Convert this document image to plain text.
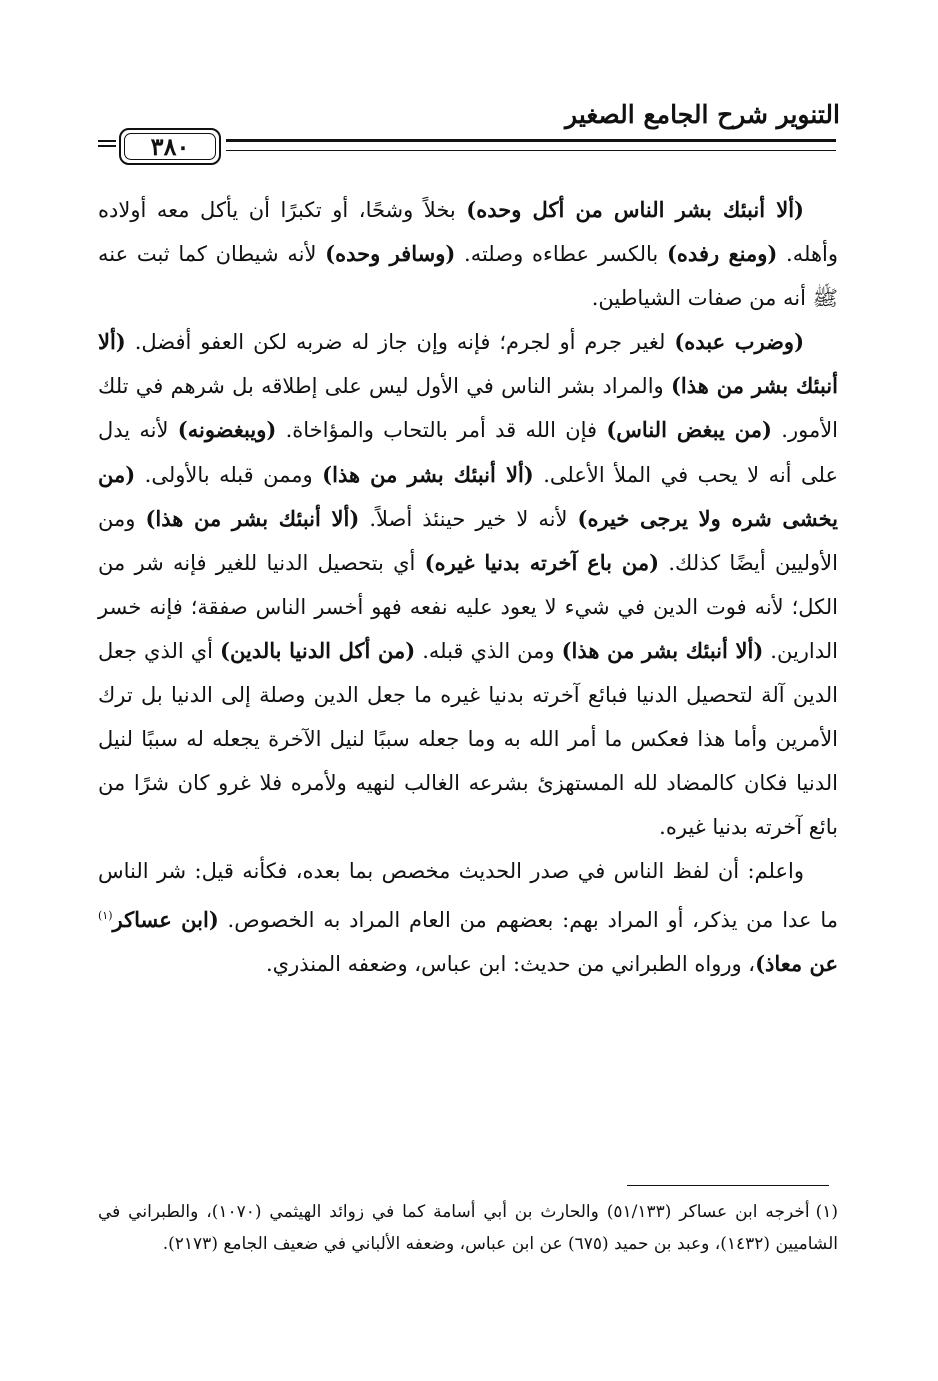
التنوير شرح الجامع الصغير
٣٨٠

(ألا أنبئك بشر الناس من أكل وحده) بخلاً وشحًا، أو تكبرًا أن يأكل معه أولاده وأهله. (ومنع رفده) بالكسر عطاءه وصلته. (وسافر وحده) لأنه شيطان كما ثبت عنه ﷺ أنه من صفات الشياطين.

(وضرب عبده) لغير جرم أو لجرم؛ فإنه وإن جاز له ضربه لكن العفو أفضل. (ألا أنبئك بشر من هذا) والمراد بشر الناس في الأول ليس على إطلاقه بل شرهم في تلك الأمور. (من يبغض الناس) فإن الله قد أمر بالتحاب والمؤاخاة. (ويبغضونه) لأنه يدل على أنه لا يحب في الملأ الأعلى. (ألا أنبئك بشر من هذا) وممن قبله بالأولى. (من يخشى شره ولا يرجى خيره) لأنه لا خير حينئذ أصلاً. (ألا أنبئك بشر من هذا) ومن الأوليين أيضًا كذلك. (من باع آخرته بدنيا غيره) أي بتحصيل الدنيا للغير فإنه شر من الكل؛ لأنه فوت الدين في شيء لا يعود عليه نفعه فهو أخسر الناس صفقة؛ فإنه خسر الدارين. (ألا أنبئك بشر من هذا) ومن الذي قبله. (من أكل الدنيا بالدين) أي الذي جعل الدين آلة لتحصيل الدنيا فبائع آخرته بدنيا غيره ما جعل الدين وصلة إلى الدنيا بل ترك الأمرين وأما هذا فعكس ما أمر الله به وما جعله سببًا لنيل الآخرة يجعله له سببًا لنيل الدنيا فكان كالمضاد لله المستهزئ بشرعه الغالب لنهيه ولأمره فلا غرو كان شرًا من بائع آخرته بدنيا غيره.

واعلم: أن لفظ الناس في صدر الحديث مخصص بما بعده، فكأنه قيل: شر الناس ما عدا من يذكر، أو المراد بهم: بعضهم من العام المراد به الخصوص. (ابن عساكر$^{(١)}$ عن معاذ)، ورواه الطبراني من حديث: ابن عباس، وضعفه المنذري.

(١)أخرجه ابن عساكر (٥١/١٣٣) والحارث بن أبي أسامة كما في زوائد الهيثمي (١٠٧٠)، والطبراني في الشاميين (١٤٣٢)، وعبد بن حميد (٦٧٥) عن ابن عباس، وضعفه الألباني في ضعيف الجامع (٢١٧٣).
